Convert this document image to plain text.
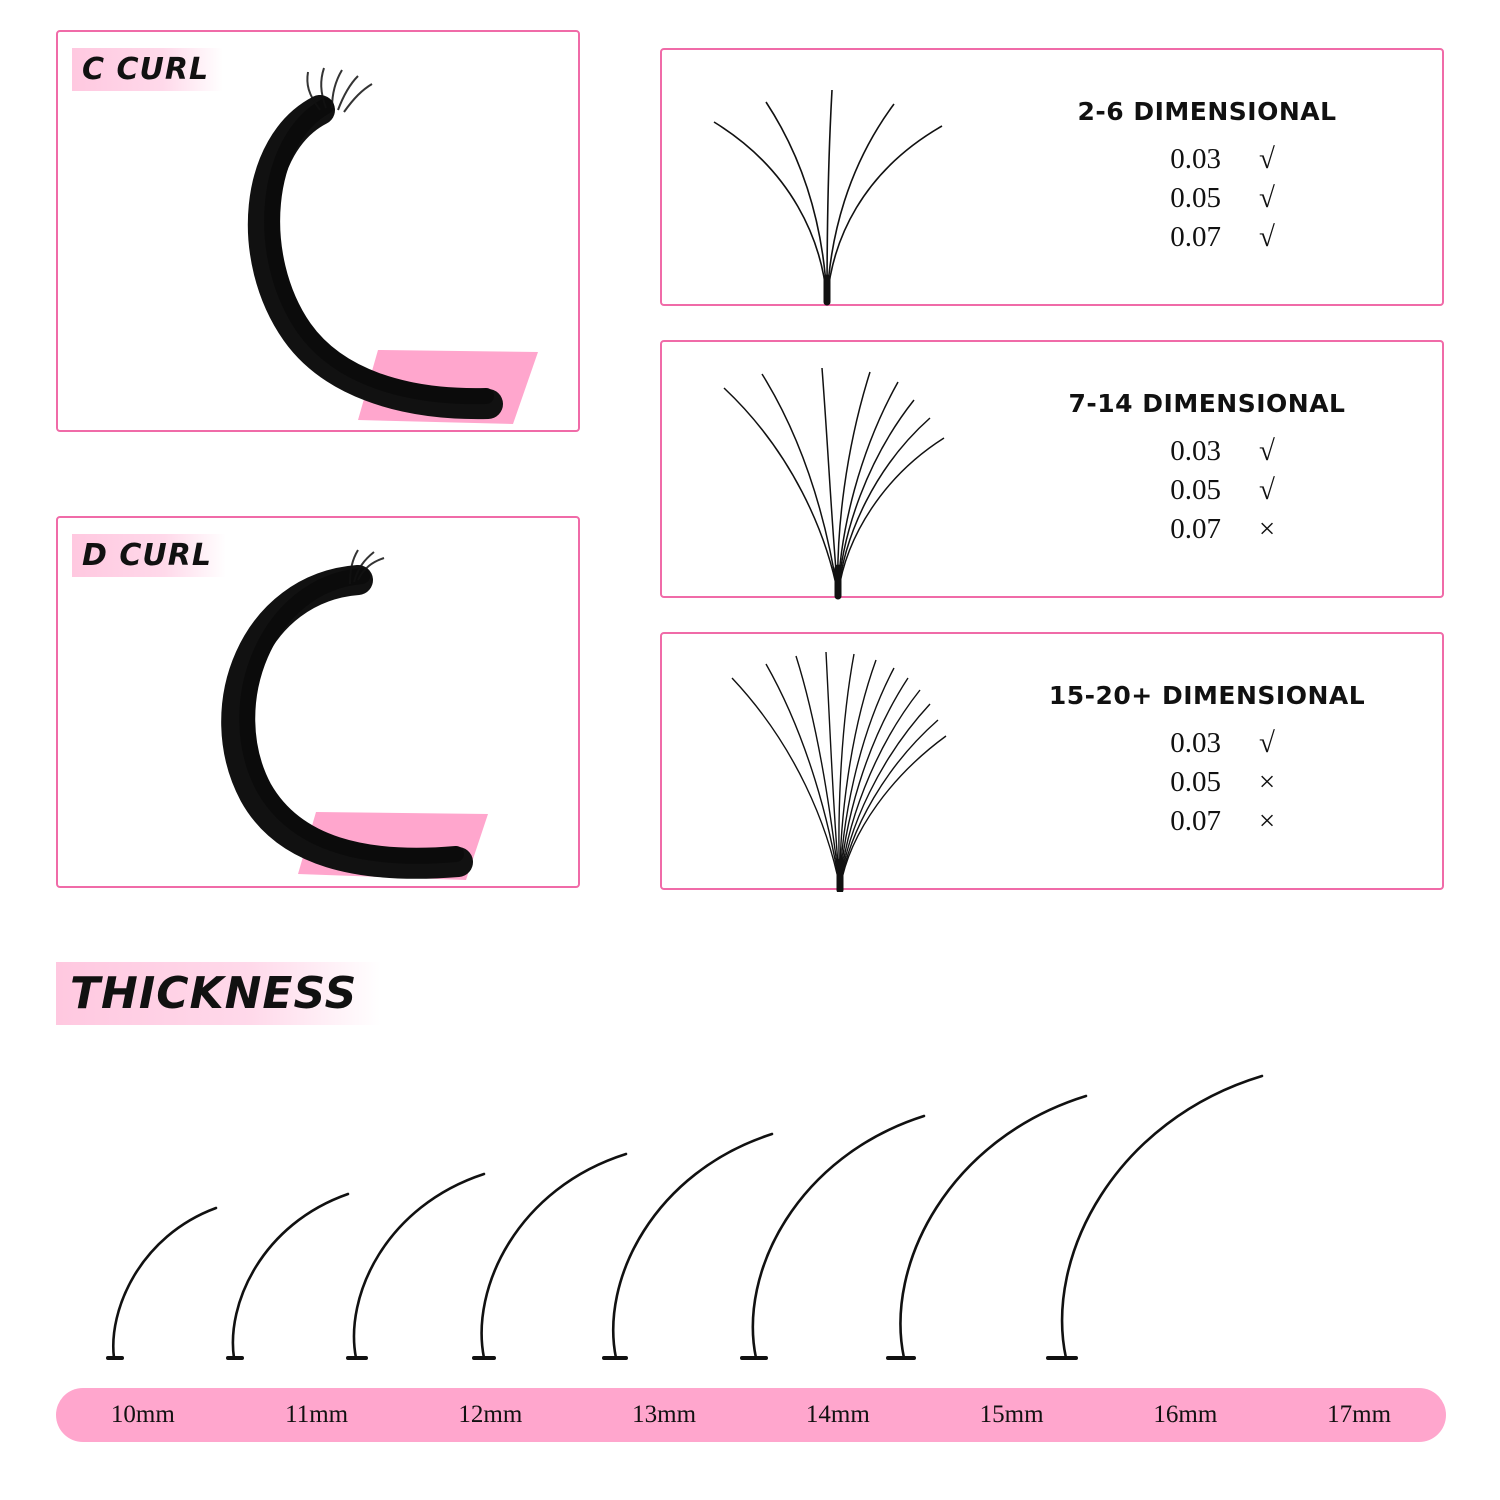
C CURL
D CURL
2-6 DIMENSIONAL
0.03 √
0.05 √
0.07 √
7-14 DIMENSIONAL
0.03 √
0.05 √
0.07 ×
15-20+ DIMENSIONAL
0.03 √
0.05 ×
0.07 ×
THICKNESS
10mm	11mm	12mm	13mm	14mm	15mm	16mm	17mm
